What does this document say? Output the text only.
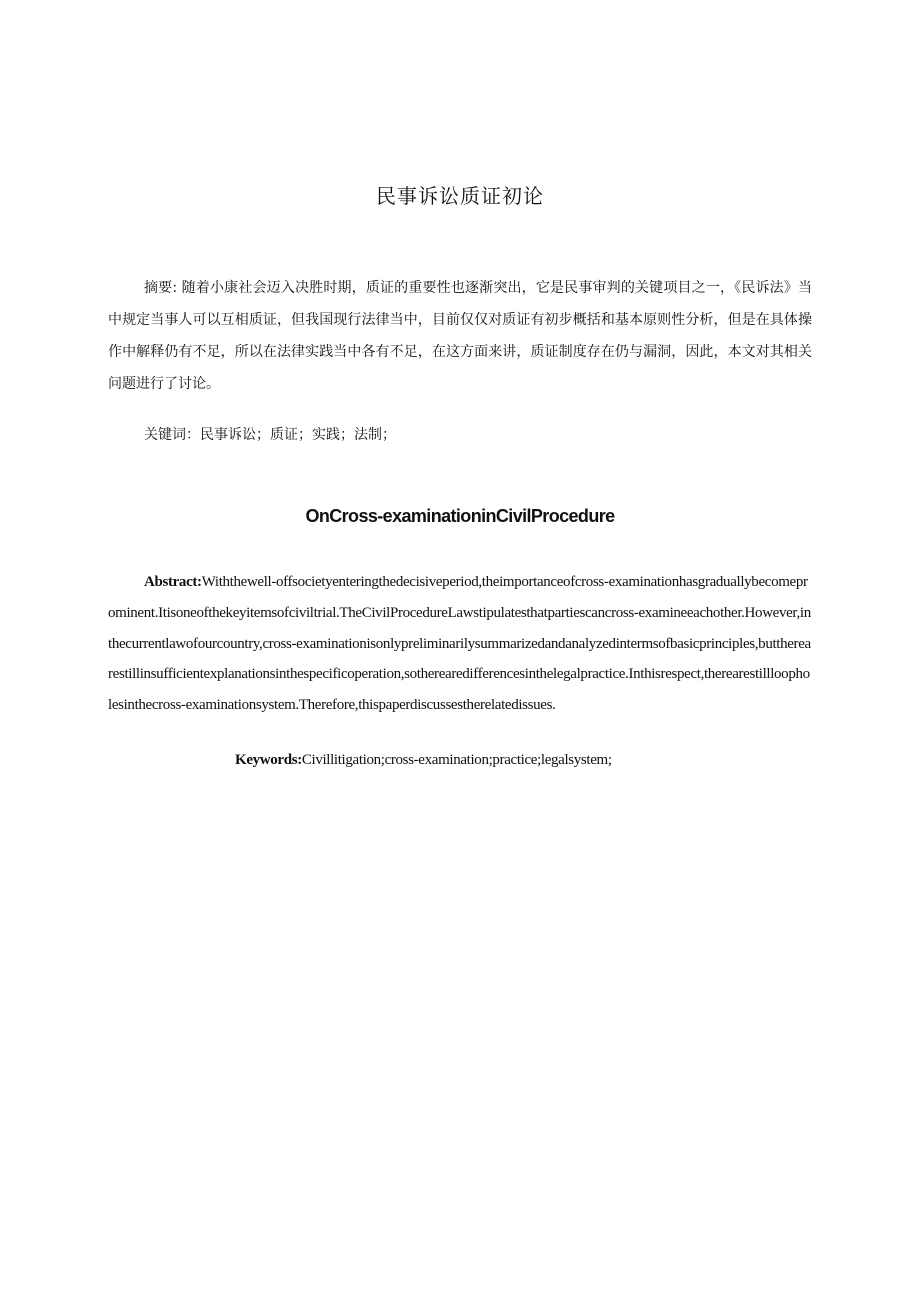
民事诉讼质证初论
摘要: 随着小康社会迈入决胜时期，质证的重要性也逐渐突出，它是民事审判的关键项目之一，《民诉法》当中规定当事人可以互相质证，但我国现行法律当中，目前仅仅对质证有初步概括和基本原则性分析，但是在具体操作中解释仍有不足，所以在法律实践当中各有不足，在这方面来讲，质证制度存在仍与漏洞，因此，本文对其相关问题进行了讨论。
关键词：民事诉讼；质证；实践；法制；
OnCross-examinationinCivilProcedure
Abstract:Withthewell-offsocietyenteringthedecisiveperiod,theimportanceofcross-examinationhasgraduallybecomeprominent.Itisoneofthekeyitemsofciviltrial.TheCivilProcedureLawstipulatesthatpartiescancross-examineeachother.However,inthecurrentlawofourcountry,cross-examinationisonlypreliminarilysummarizedandanalyzedintermsofbasicprinciples,buttherearestillinsufficientexplanationsinthespecificoperation,sotherearedifferencesinthelegalpractice.Inthisrespect,therearestillloopholesinthecross-examinationsystem.Therefore,thispaperdiscussestherelatedissues.
Keywords:Civillitigation;cross-examination;practice;legalsystem;
